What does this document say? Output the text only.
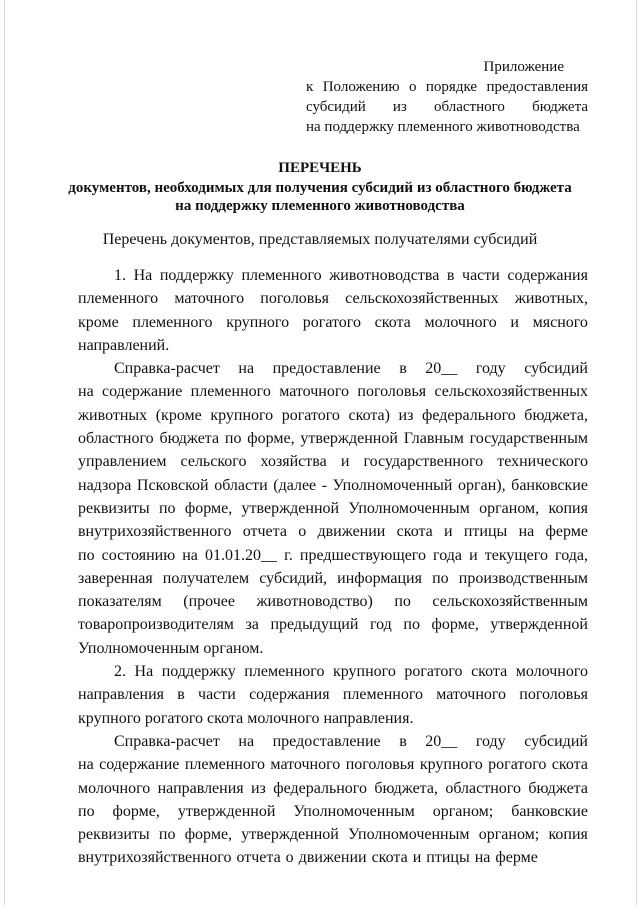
Приложение
к Положению о порядке предоставления
субсидий из областного бюджета
на поддержку племенного животноводства
ПЕРЕЧЕНЬ
документов, необходимых для получения субсидий из областного бюджета
на поддержку племенного животноводства
Перечень документов, представляемых получателями субсидий
1. На поддержку племенного животноводства в части содержания
племенного маточного поголовья сельскохозяйственных животных,
кроме племенного крупного рогатого скота молочного и мясного
направлений.
Справка-расчет на предоставление в 20__ году субсидий
на содержание племенного маточного поголовья сельскохозяйственных
животных (кроме крупного рогатого скота) из федерального бюджета,
областного бюджета по форме, утвержденной Главным государственным
управлением сельского хозяйства и государственного технического
надзора Псковской области (далее - Уполномоченный орган), банковские
реквизиты по форме, утвержденной Уполномоченным органом, копия
внутрихозяйственного отчета о движении скота и птицы на ферме
по состоянию на 01.01.20__ г. предшествующего года и текущего года,
заверенная получателем субсидий, информация по производственным
показателям (прочее животноводство) по сельскохозяйственным
товаропроизводителям за предыдущий год по форме, утвержденной
Уполномоченным органом.
2. На поддержку племенного крупного рогатого скота молочного
направления в части содержания племенного маточного поголовья
крупного рогатого скота молочного направления.
Справка-расчет на предоставление в 20__ году субсидий
на содержание племенного маточного поголовья крупного рогатого скота
молочного направления из федерального бюджета, областного бюджета
по форме, утвержденной Уполномоченным органом; банковские
реквизиты по форме, утвержденной Уполномоченным органом; копия
внутрихозяйственного отчета о движении скота и птицы на ферме
